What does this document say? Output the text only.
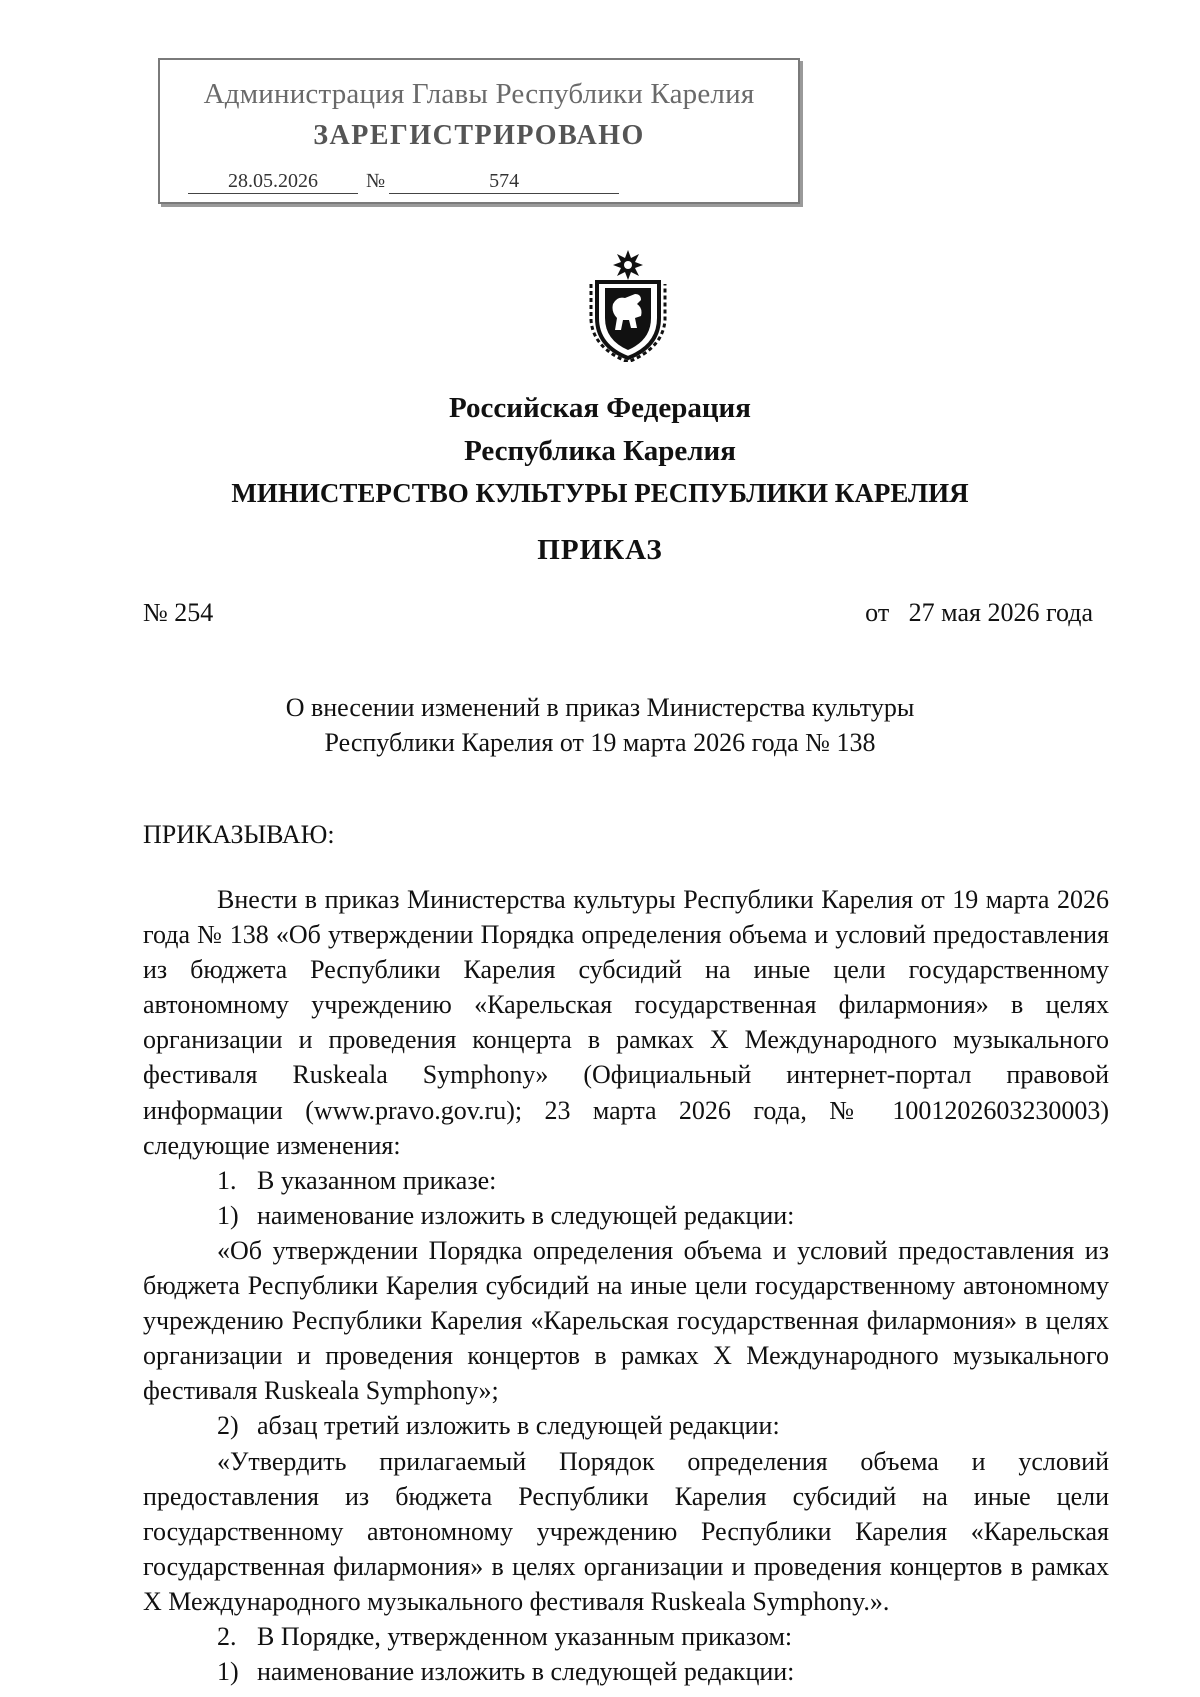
Администрация Главы Республики Карелия
ЗАРЕГИСТРИРОВАНО
28.05.2026 №	574
Российская Федерация
Республика Карелия
МИНИСТЕРСТВО КУЛЬТУРЫ РЕСПУБЛИКИ КАРЕЛИЯ
ПРИКАЗ
№ 254	от   27 мая 2026 года
О внесении изменений в приказ Министерства культуры
Республики Карелия от 19 марта 2026 года № 138
ПРИКАЗЫВАЮ:

Внести в приказ Министерства культуры Республики Карелия от 19 марта 2026 года № 138 «Об утверждении Порядка определения объема и условий предоставления из бюджета Республики Карелия субсидий на иные цели государственному автономному учреждению «Карельская государственная филармония» в целях организации и проведения концерта в рамках X Международного музыкального фестиваля Ruskeala Symphony» (Официальный интернет-портал правовой информации (www.pravo.gov.ru); 23 марта 2026 года, № 1001202603230003) следующие изменения:

1. В указанном приказе:

1) наименование изложить в следующей редакции:

«Об утверждении Порядка определения объема и условий предоставления из бюджета Республики Карелия субсидий на иные цели государственному автономному учреждению Республики Карелия «Карельская государственная филармония» в целях организации и проведения концертов в рамках X Международного музыкального фестиваля Ruskeala Symphony»;

2) абзац третий изложить в следующей редакции:

«Утвердить прилагаемый Порядок определения объема и условий предоставления из бюджета Республики Карелия субсидий на иные цели государственному автономному учреждению Республики Карелия «Карельская государственная филармония» в целях организации и проведения концертов в рамках X Международного музыкального фестиваля Ruskeala Symphony.».

2. В Порядке, утвержденном указанным приказом:

1) наименование изложить в следующей редакции:
